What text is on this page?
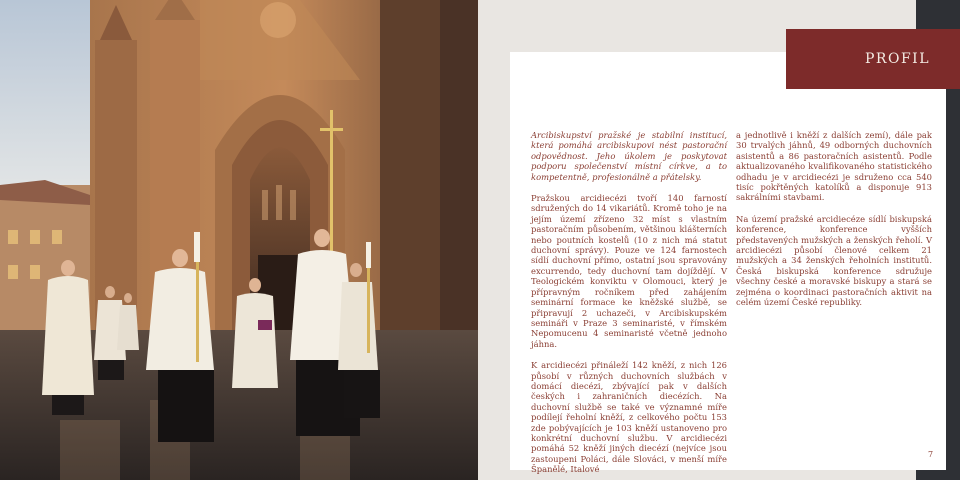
PROFIL

Arcibiskupství pražské je stabilní institucí, která pomáhá arcibiskupovi nést pastorační odpovědnost. Jeho úkolem je poskytovat podporu společenství místní církve, a to kompetentně, profesionálně a přátelsky.

Pražskou arcidiecézi tvoří 140 farností sdružených do 14 vikariátů. Kromě toho je na jejím území zřízeno 32 míst s vlastním pastoračním působením, většinou klášterních nebo poutních kostelů (10 z nich má statut duchovní správy). Pouze ve 124 farnostech sídlí duchovní přímo, ostatní jsou spravovány excurrendo, tedy duchovní tam dojíždějí. V Teologickém konviktu v Olomouci, který je přípravným ročníkem před zahájením seminární formace ke kněžské službě, se připravují 2 uchazeči, v Arcibiskupském semináři v Praze 3 seminaristé, v římském Nepomucenu 4 seminaristé včetně jednoho jáhna.

K arcidiecézi přináleží 142 kněží, z nich 126 působí v různých duchovních službách v domácí diecézi, zbývající pak v dalších českých i zahraničních diecézích. Na duchovní službě se také ve významné míře podílejí řeholní kněží, z celkového počtu 153 zde pobývajících je 103 kněží ustanoveno pro konkrétní duchovní službu. V arcidiecézi pomáhá 52 kněží jiných diecézí (nejvíce jsou zastoupeni Poláci, dále Slováci, v menší míře Španělé, Italové

a jednotlivě i kněží z dalších zemí), dále pak 30 trvalých jáhnů, 49 odborných duchovních asistentů a 86 pastoračních asistentů. Podle aktualizovaného kvalifikovaného statistického odhadu je v arcidiecézi je sdruženo cca 540 tisíc pokřtěných katolíků a disponuje 913 sakrálními stavbami.

Na území pražské arcidiecéze sídlí biskupská konference, konference vyšších představených mužských a ženských řeholí. V arcidiecézi působí členové celkem 21 mužských a 34 ženských řeholních institutů. Česká biskupská konference sdružuje všechny české a moravské biskupy a stará se zejména o koordinaci pastoračních aktivit na celém území České republiky.

7
